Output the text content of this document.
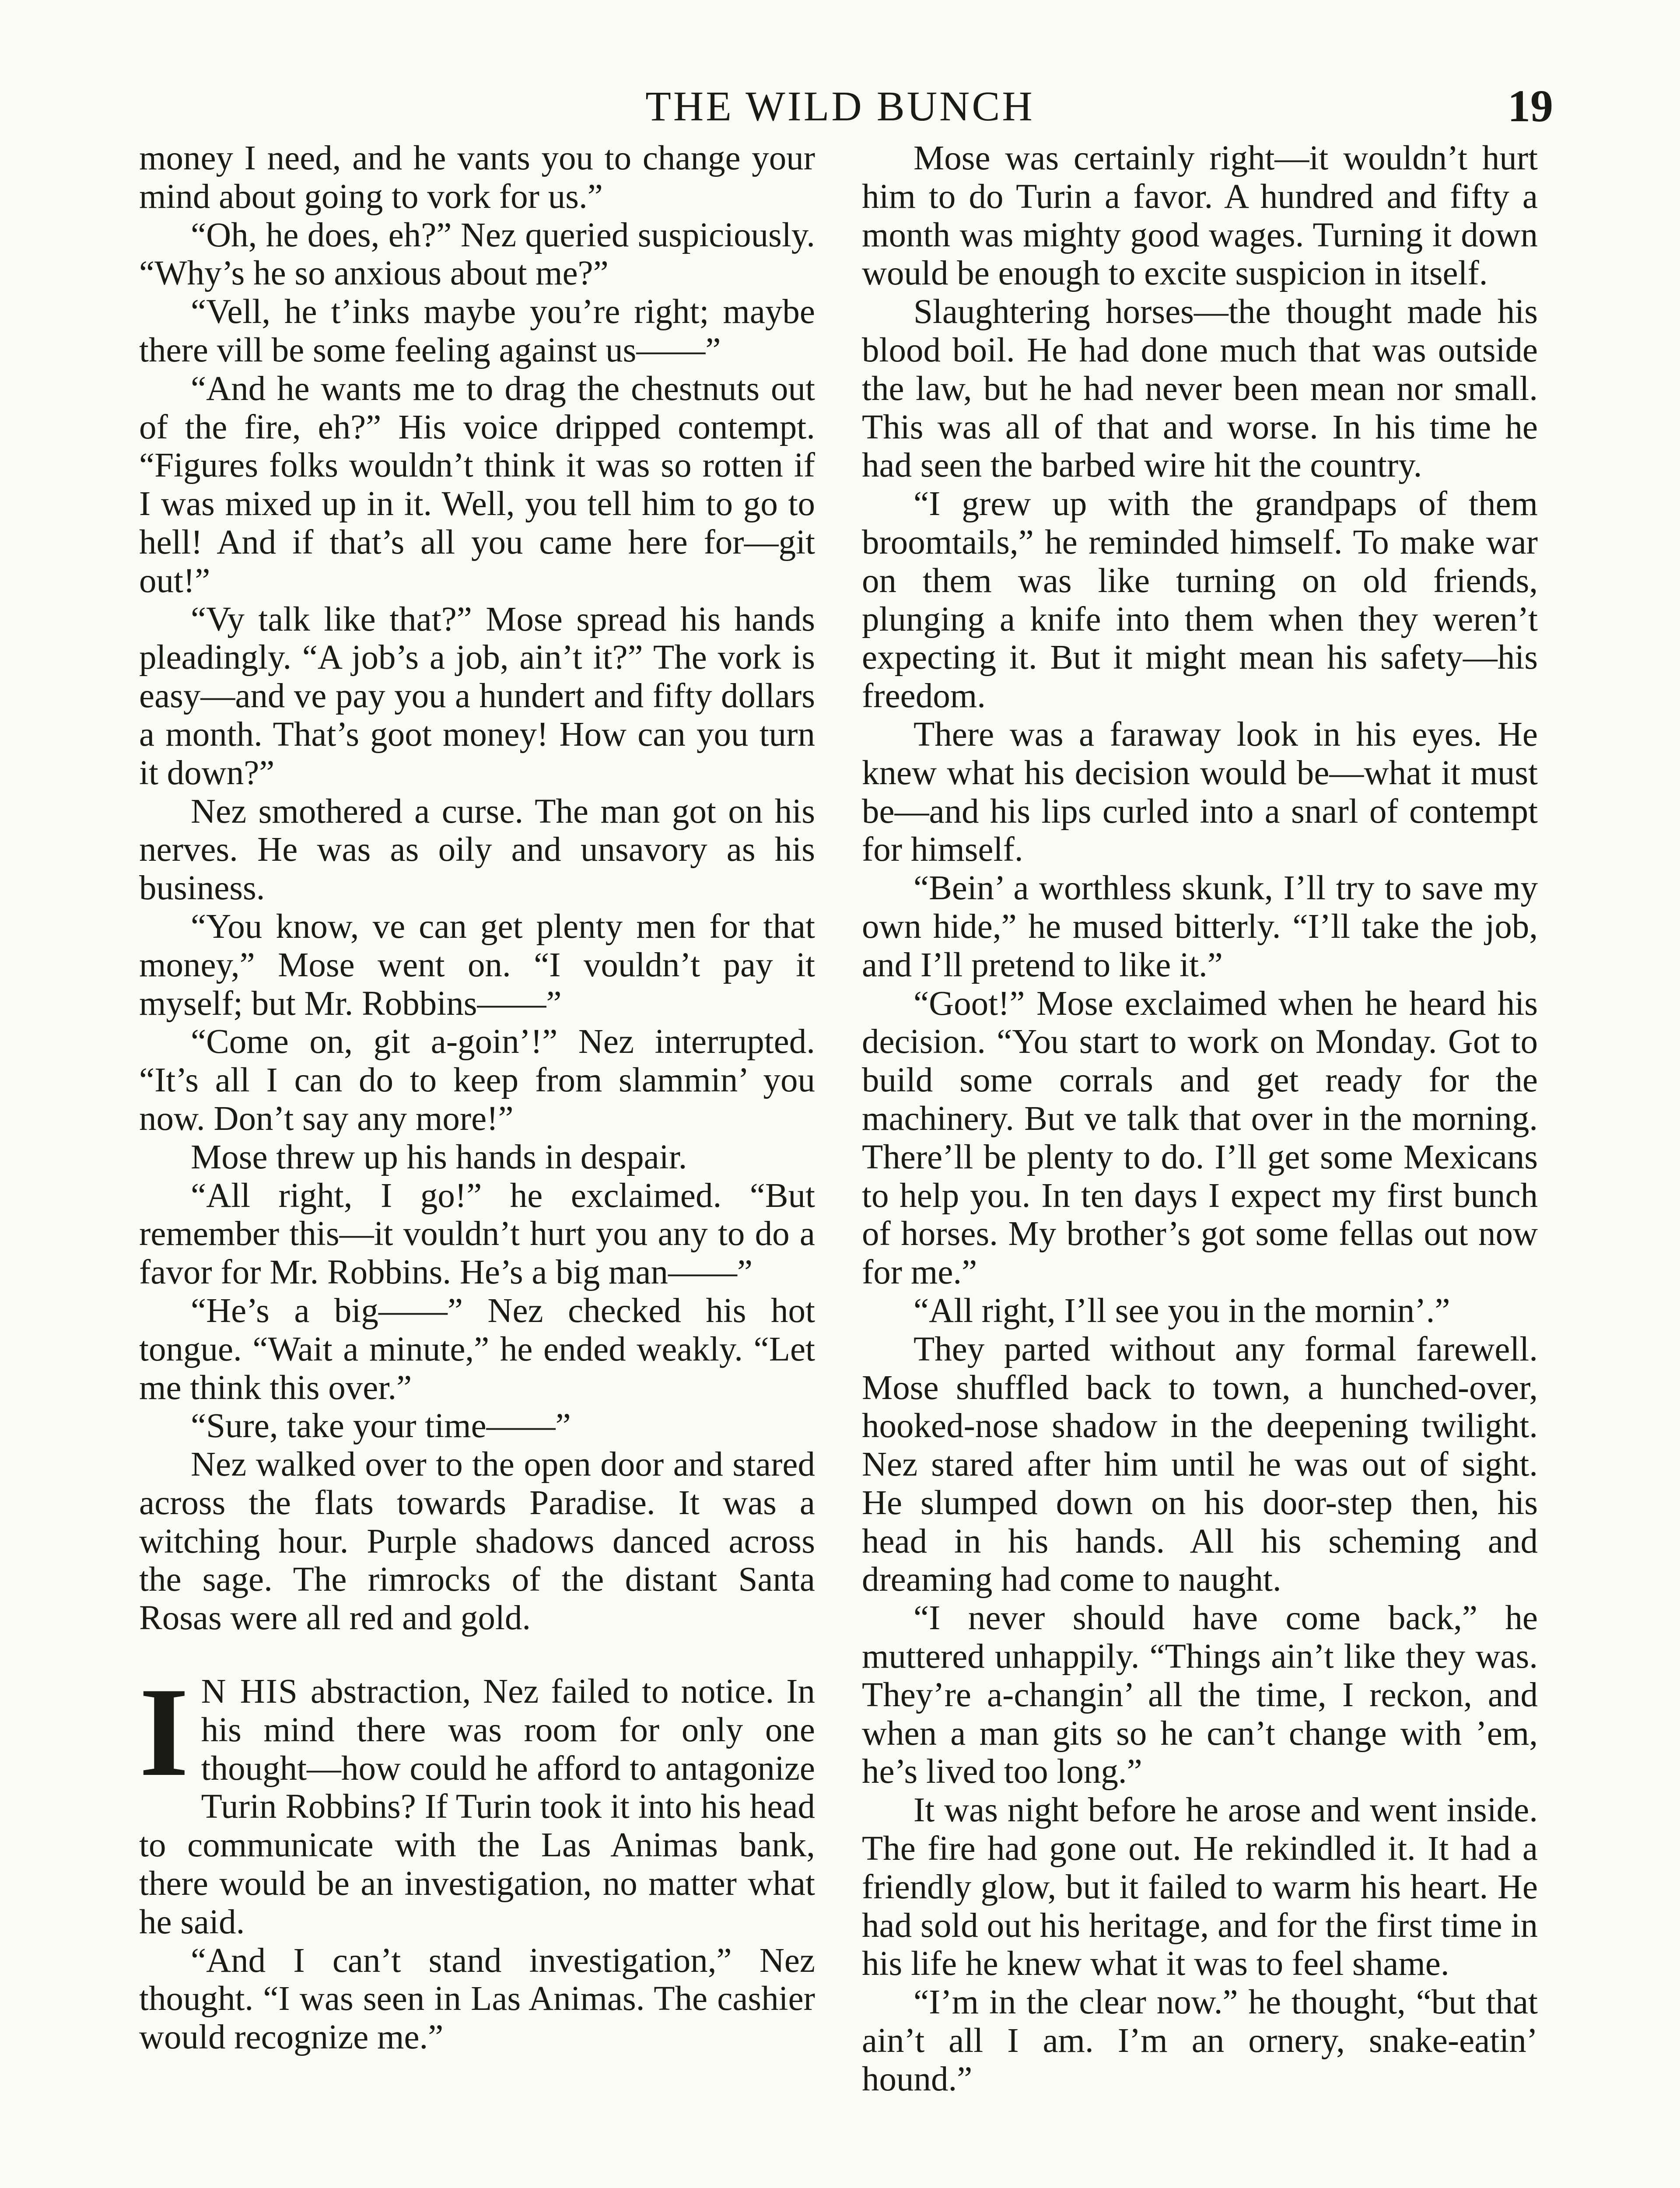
THE WILD BUNCH	19

money I need, and he vants you to change your mind about going to vork for us.”

“Oh, he does, eh?” Nez queried suspiciously. “Why’s he so anxious about me?”

“Vell, he t’inks maybe you’re right; maybe there vill be some feeling against us——”

“And he wants me to drag the chestnuts out of the fire, eh?” His voice dripped contempt. “Figures folks wouldn’t think it was so rotten if I was mixed up in it. Well, you tell him to go to hell! And if that’s all you came here for—git out!”

“Vy talk like that?” Mose spread his hands pleadingly. “A job’s a job, ain’t it?” The vork is easy—and ve pay you a hundert and fifty dollars a month. That’s goot money! How can you turn it down?”

Nez smothered a curse. The man got on his nerves. He was as oily and unsavory as his business.

“You know, ve can get plenty men for that money,” Mose went on. “I vouldn’t pay it myself; but Mr. Robbins——”

“Come on, git a-goin’!” Nez interrupted. “It’s all I can do to keep from slammin’ you now. Don’t say any more!”

Mose threw up his hands in despair.

“All right, I go!” he exclaimed. “But remember this—it vouldn’t hurt you any to do a favor for Mr. Robbins. He’s a big man——”

“He’s a big——” Nez checked his hot tongue. “Wait a minute,” he ended weakly. “Let me think this over.”

“Sure, take your time——”

Nez walked over to the open door and stared across the flats towards Paradise. It was a witching hour. Purple shadows danced across the sage. The rimrocks of the distant Santa Rosas were all red and gold.

I N HIS abstraction, Nez failed to notice. In his mind there was room for only one thought—how could he afford to antagonize Turin Robbins? If Turin took it into his head to communicate with the Las Animas bank, there would be an investigation, no matter what he said.

“And I can’t stand investigation,” Nez thought. “I was seen in Las Animas. The cashier would recognize me.”

Mose was certainly right—it wouldn’t hurt him to do Turin a favor. A hundred and fifty a month was mighty good wages. Turning it down would be enough to excite suspicion in itself.

Slaughtering horses—the thought made his blood boil. He had done much that was outside the law, but he had never been mean nor small. This was all of that and worse. In his time he had seen the barbed wire hit the country.

“I grew up with the grandpaps of them broomtails,” he reminded himself. To make war on them was like turning on old friends, plunging a knife into them when they weren’t expecting it. But it might mean his safety—his freedom.

There was a faraway look in his eyes. He knew what his decision would be—what it must be—and his lips curled into a snarl of contempt for himself.

“Bein’ a worthless skunk, I’ll try to save my own hide,” he mused bitterly. “I’ll take the job, and I’ll pretend to like it.”

“Goot!” Mose exclaimed when he heard his decision. “You start to work on Monday. Got to build some corrals and get ready for the machinery. But ve talk that over in the morning. There’ll be plenty to do. I’ll get some Mexicans to help you. In ten days I expect my first bunch of horses. My brother’s got some fellas out now for me.”

“All right, I’ll see you in the mornin’.”

They parted without any formal farewell. Mose shuffled back to town, a hunched-over, hooked-nose shadow in the deepening twilight. Nez stared after him until he was out of sight. He slumped down on his door-step then, his head in his hands. All his scheming and dreaming had come to naught.

“I never should have come back,” he muttered unhappily. “Things ain’t like they was. They’re a-changin’ all the time, I reckon, and when a man gits so he can’t change with ’em, he’s lived too long.”

It was night before he arose and went inside. The fire had gone out. He rekindled it. It had a friendly glow, but it failed to warm his heart. He had sold out his heritage, and for the first time in his life he knew what it was to feel shame.

“I’m in the clear now.” he thought, “but that ain’t all I am. I’m an ornery, snake-eatin’ hound.”
